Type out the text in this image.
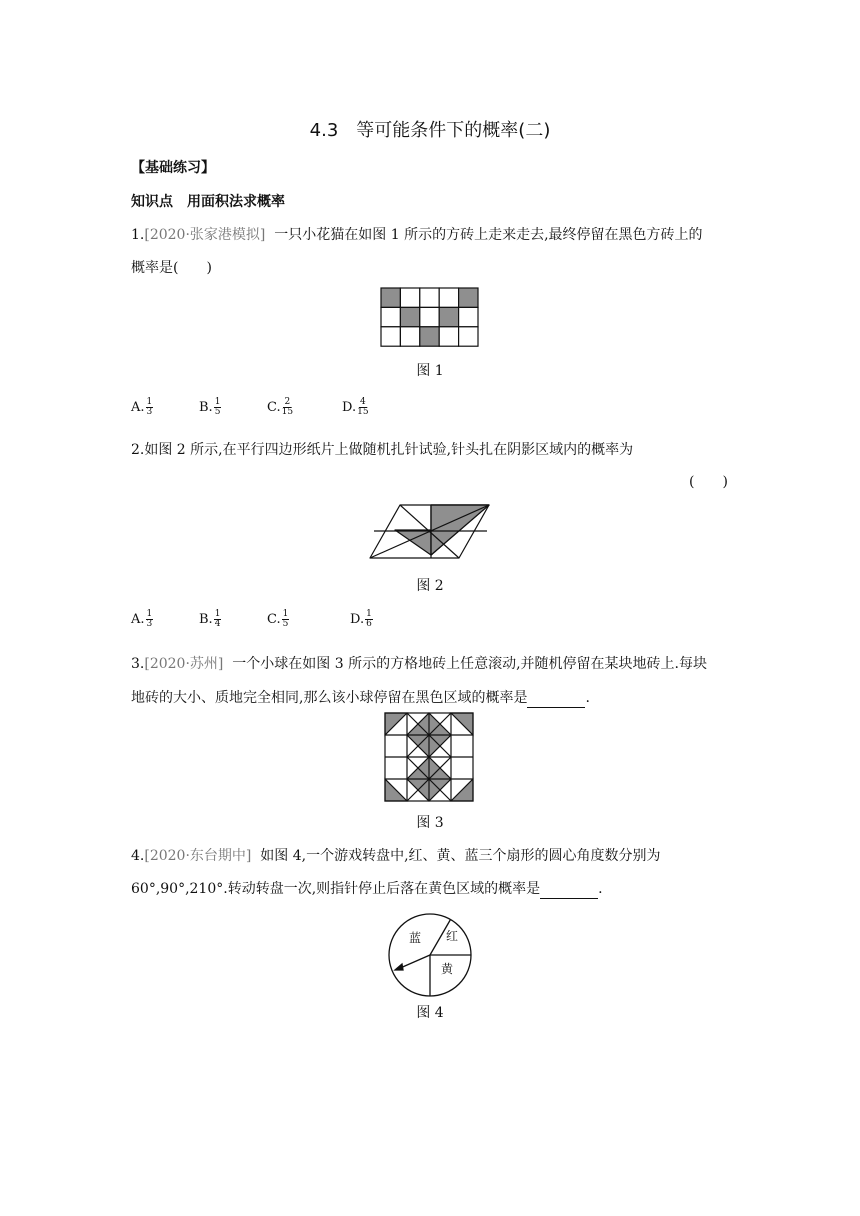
4.3 等可能条件下的概率(二)
【基础练习】
知识点　用面积法求概率
1.[2020·张家港模拟] 一只小花猫在如图 1 所示的方砖上走来走去,最终停留在黑色方砖上的
概率是(　　)
图 1
A. $\frac{1}{3}$	B. $\frac{1}{5}$	C. $\frac{2}{15}$	D. $\frac{4}{15}$
2.如图 2 所示,在平行四边形纸片上做随机扎针试验,针头扎在阴影区域内的概率为
(　　)
图 2
A. $\frac{1}{3}$	B. $\frac{1}{4}$	C. $\frac{1}{5}$	D. $\frac{1}{6}$
3.[2020·苏州] 一个小球在如图 3 所示的方格地砖上任意滚动,并随机停留在某块地砖上.每块
地砖的大小、质地完全相同,那么该小球停留在黑色区域的概率是	.
图 3
4.[2020·东台期中] 如图 4,一个游戏转盘中,红、黄、蓝三个扇形的圆心角度数分别为
60°,90°,210°.转动转盘一次,则指针停止后落在黄色区域的概率是	.
蓝 红
黄
图 4
